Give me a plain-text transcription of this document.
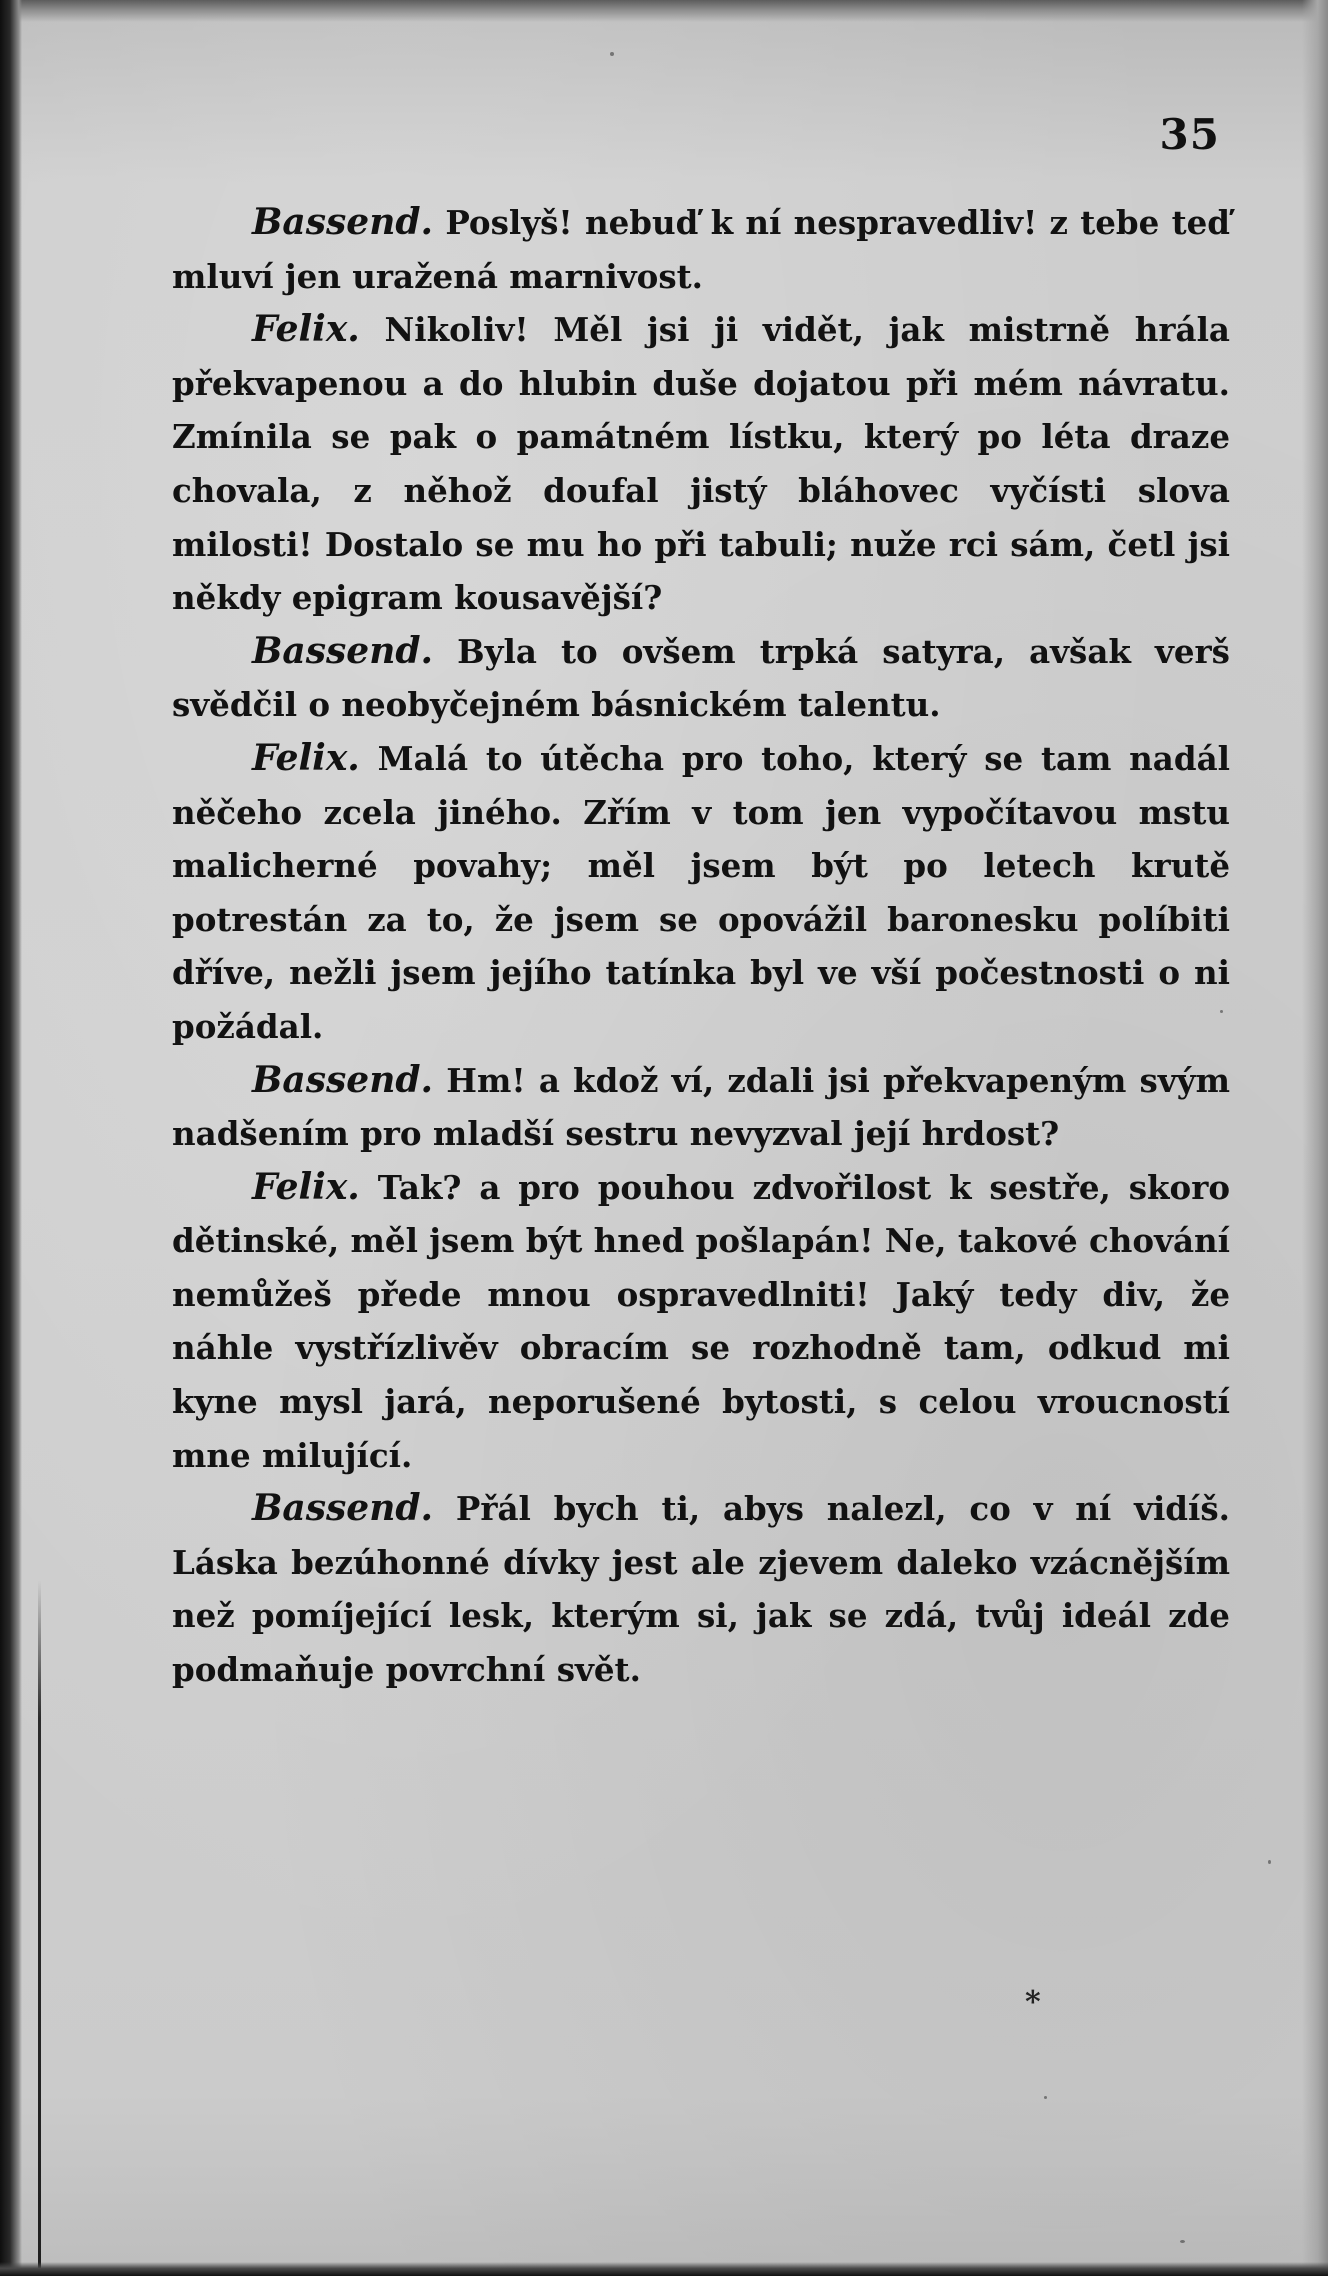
35

Bassend. Poslyš! nebuď k ní nespravedliv! z tebe teď mluví jen uražená marnivost.

Felix. Nikoliv! Měl jsi ji vidět, jak mistrně hrála překvapenou a do hlubin duše dojatou při mém návratu. Zmínila se pak o památném lístku, který po léta draze chovala, z něhož doufal jistý bláhovec vyčísti slova milosti! Dostalo se mu ho při tabuli; nuže rci sám, četl jsi někdy epigram kousavější?

Bassend. Byla to ovšem trpká satyra, avšak verš svědčil o neobyčejném básnickém talentu.

Felix. Malá to útěcha pro toho, který se tam nadál něčeho zcela jiného. Zřím v tom jen vypočítavou mstu malicherné povahy; měl jsem být po letech krutě potrestán za to, že jsem se opovážil baronesku políbiti dříve, nežli jsem jejího tatínka byl ve vší počestnosti o ni požádal.

Bassend. Hm! a kdož ví, zdali jsi překvapeným svým nadšením pro mladší sestru nevyzval její hrdost?

Felix. Tak? a pro pouhou zdvořilost k sestře, skoro dětinské, měl jsem být hned pošlapán! Ne, takové chování nemůžeš přede mnou ospravedlniti! Jaký tedy div, že náhle vystřízlivěv obracím se rozhodně tam, odkud mi kyne mysl jará, neporušené bytosti, s celou vroucností mne milující.

Bassend. Přál bych ti, abys nalezl, co v ní vidíš. Láska bezúhonné dívky jest ale zjevem daleko vzácnějším než pomíjející lesk, kterým si, jak se zdá, tvůj ideál zde podmaňuje povrchní svět.

*
